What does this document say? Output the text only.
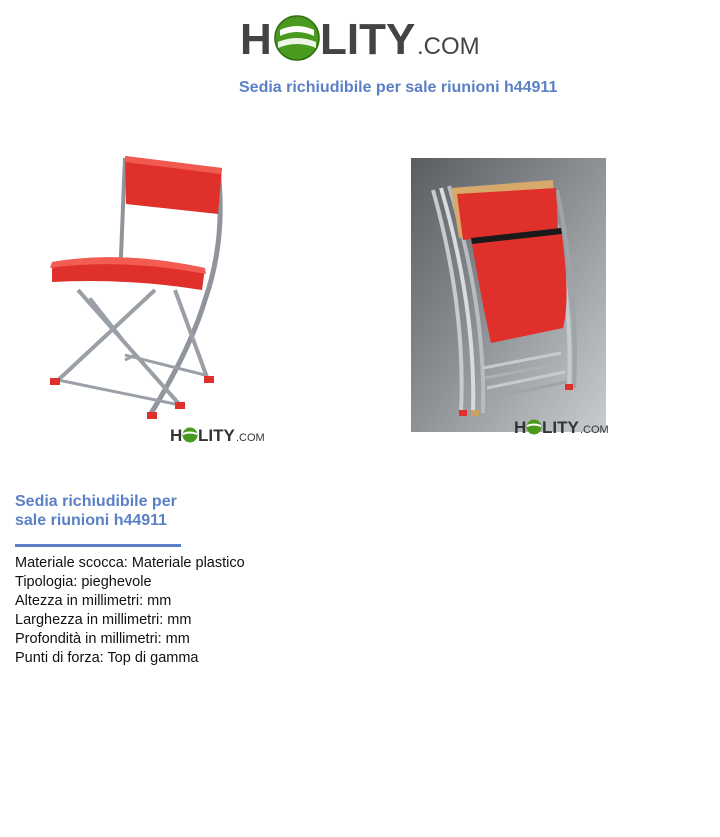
H LITY .COM
Sedia richiudibile per sale riunioni h44911
H LITY .COM
H LITY .COM
Sedia richiudibile per
sale riunioni h44911
Materiale scocca: Materiale plastico
Tipologia: pieghevole
Altezza in millimetri: mm
Larghezza in millimetri: mm
Profondità in millimetri: mm
Punti di forza: Top di gamma
